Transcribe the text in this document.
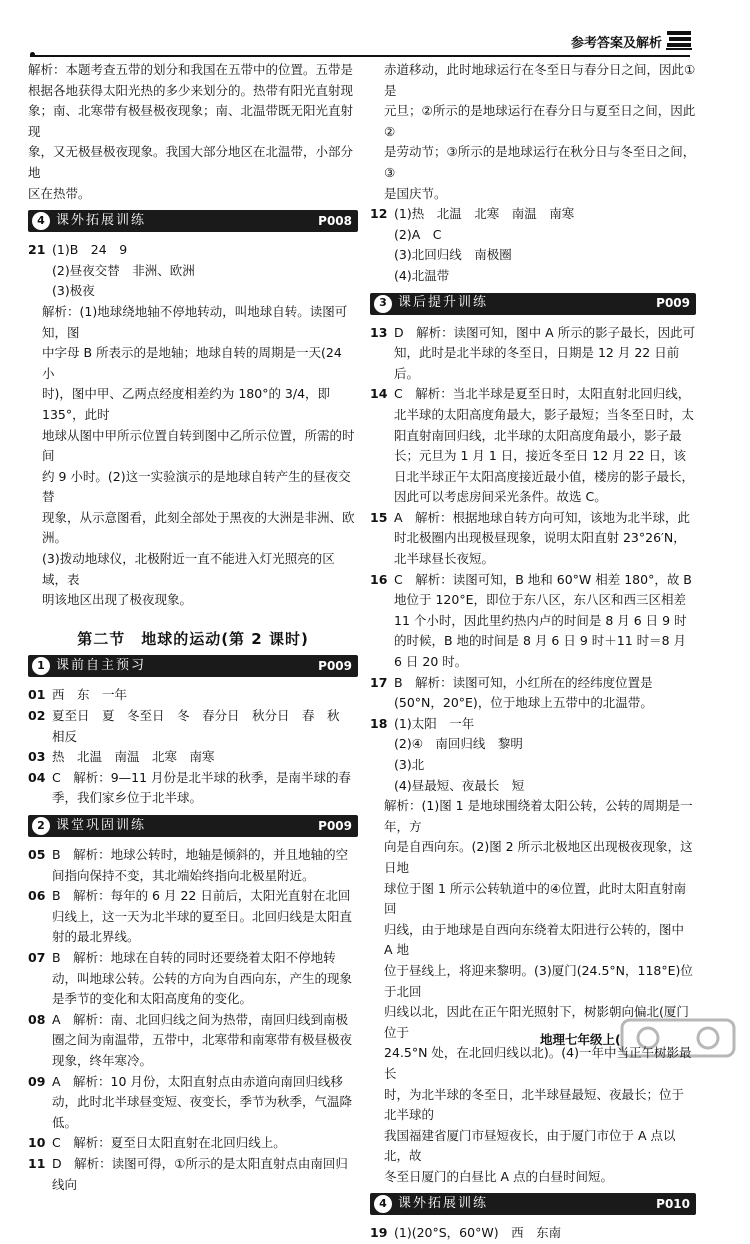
参考答案及解析

解析：本题考查五带的划分和我国在五带中的位置。五带是

根据各地获得太阳光热的多少来划分的。热带有阳光直射现

象；南、北寒带有极昼极夜现象；南、北温带既无阳光直射现

象，又无极昼极夜现象。我国大部分地区在北温带，小部分地

区在热带。

4 课外拓展训练	P008
21 (1)B　24　9

(2)昼夜交替　非洲、欧洲

(3)极夜

解析：(1)地球绕地轴不停地转动，叫地球自转。读图可知，图

中字母 B 所表示的是地轴；地球自转的周期是一天(24 小

时)，图中甲、乙两点经度相差约为 180°的 3/4，即 135°，此时

地球从图中甲所示位置自转到图中乙所示位置，所需的时间

约 9 小时。(2)这一实验演示的是地球自转产生的昼夜交替

现象，从示意图看，此刻全部处于黑夜的大洲是非洲、欧洲。

(3)拨动地球仪，北极附近一直不能进入灯光照亮的区域，表

明该地区出现了极夜现象。

第二节　地球的运动(第 2 课时)
1 课前自主预习	P009
01 西　东　一年
02 夏至日　夏　冬至日　冬　春分日　秋分日　春　秋　相反
03 热　北温　南温　北寒　南寒
04 C　解析：9—11 月份是北半球的秋季，是南半球的春季，我们家乡位于北半球。
2 课堂巩固训练	P009
05 B　解析：地球公转时，地轴是倾斜的，并且地轴的空间指向保持不变，其北端始终指向北极星附近。
06 B　解析：每年的 6 月 22 日前后，太阳光直射在北回归线上，这一天为北半球的夏至日。北回归线是太阳直射的最北界线。
07 B　解析：地球在自转的同时还要绕着太阳不停地转动，叫地球公转。公转的方向为自西向东，产生的现象是季节的变化和太阳高度角的变化。
08 A　解析：南、北回归线之间为热带，南回归线到南极圈之间为南温带，五带中，北寒带和南寒带有极昼极夜现象，终年寒冷。
09 A　解析：10 月份，太阳直射点由赤道向南回归线移动，此时北半球昼变短、夜变长，季节为秋季，气温降低。
10 C　解析：夏至日太阳直射在北回归线上。
11 D　解析：读图可得，①所示的是太阳直射点由南回归线向

赤道移动，此时地球运行在冬至日与春分日之间，因此①是

元旦；②所示的是地球运行在春分日与夏至日之间，因此②

是劳动节；③所示的是地球运行在秋分日与冬至日之间，③

是国庆节。

12 (1)热　北温　北寒　南温　南寒

(2)A　C

(3)北回归线　南极圈

(4)北温带

3 课后提升训练	P009
13 D　解析：读图可知，图中 A 所示的影子最长，因此可知，此时是北半球的冬至日，日期是 12 月 22 日前后。
14 C　解析：当北半球是夏至日时，太阳直射北回归线，北半球的太阳高度角最大，影子最短；当冬至日时，太阳直射南回归线，北半球的太阳高度角最小，影子最长；元旦为 1 月 1 日，接近冬至日 12 月 22 日，该日北半球正午太阳高度接近最小值，楼房的影子最长，因此可以考虑房间采光条件。故选 C。
15 A　解析：根据地球自转方向可知，该地为北半球，此时北极圈内出现极昼现象，说明太阳直射 23°26′N，北半球昼长夜短。
16 C　解析：读图可知，B 地和 60°W 相差 180°，故 B 地位于 120°E，即位于东八区，东八区和西三区相差 11 个小时，因此里约热内卢的时间是 8 月 6 日 9 时的时候，B 地的时间是 8 月 6 日 9 时＋11 时＝8 月 6 日 20 时。
17 B　解析：读图可知，小红所在的经纬度位置是(50°N，20°E)，位于地球上五带中的北温带。
18 (1)太阳　一年

(2)④　南回归线　黎明

(3)北

(4)昼最短、夜最长　短

解析：(1)图 1 是地球围绕着太阳公转，公转的周期是一年，方

向是自西向东。(2)图 2 所示北极地区出现极夜现象，这日地

球位于图 1 所示公转轨道中的④位置，此时太阳直射南回

归线，由于地球是自西向东绕着太阳进行公转的，图中 A 地

位于昼线上，将迎来黎明。(3)厦门(24.5°N，118°E)位于北回

归线以北，因此在正午阳光照射下，树影朝向偏北(厦门位于

24.5°N 处，在北回归线以北)。(4)一年中当正午树影最长

时，为北半球的冬至日，北半球昼最短、夜最长；位于北半球的

我国福建省厦门市昼短夜长，由于厦门市位于 A 点以北，故

冬至日厦门的白昼比 A 点的白昼时间短。

4 课外拓展训练	P010
19 (1)(20°S，60°W)　西　东南
地理七年级上(
